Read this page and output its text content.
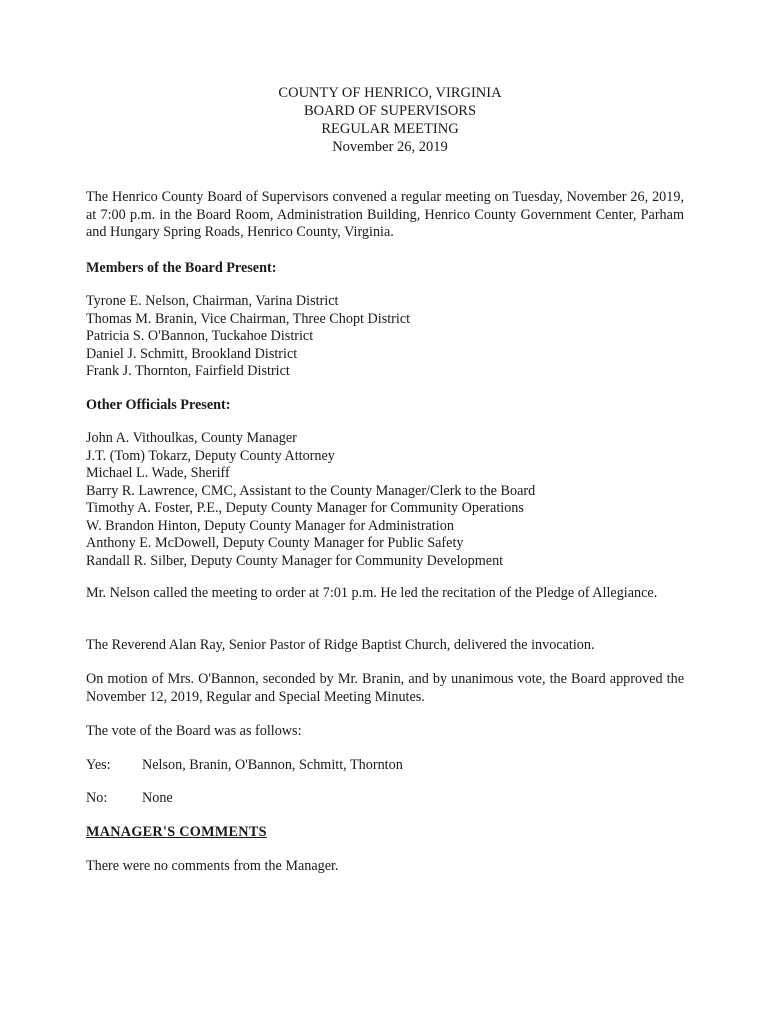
COUNTY OF HENRICO, VIRGINIA
BOARD OF SUPERVISORS
REGULAR MEETING
November 26, 2019
The Henrico County Board of Supervisors convened a regular meeting on Tuesday, November 26, 2019, at 7:00 p.m. in the Board Room, Administration Building, Henrico County Government Center, Parham and Hungary Spring Roads, Henrico County, Virginia.
Members of the Board Present:
Tyrone E. Nelson, Chairman, Varina District
Thomas M. Branin, Vice Chairman, Three Chopt District
Patricia S. O'Bannon, Tuckahoe District
Daniel J. Schmitt, Brookland District
Frank J. Thornton, Fairfield District
Other Officials Present:
John A. Vithoulkas, County Manager
J.T. (Tom) Tokarz, Deputy County Attorney
Michael L. Wade, Sheriff
Barry R. Lawrence, CMC, Assistant to the County Manager/Clerk to the Board
Timothy A. Foster, P.E., Deputy County Manager for Community Operations
W. Brandon Hinton, Deputy County Manager for Administration
Anthony E. McDowell, Deputy County Manager for Public Safety
Randall R. Silber, Deputy County Manager for Community Development
Mr. Nelson called the meeting to order at 7:01 p.m. He led the recitation of the Pledge of Allegiance.
The Reverend Alan Ray, Senior Pastor of Ridge Baptist Church, delivered the invocation.
On motion of Mrs. O'Bannon, seconded by Mr. Branin, and by unanimous vote, the Board approved the November 12, 2019, Regular and Special Meeting Minutes.
The vote of the Board was as follows:
Yes:	Nelson, Branin, O'Bannon, Schmitt, Thornton
No:	None
MANAGER'S COMMENTS
There were no comments from the Manager.
